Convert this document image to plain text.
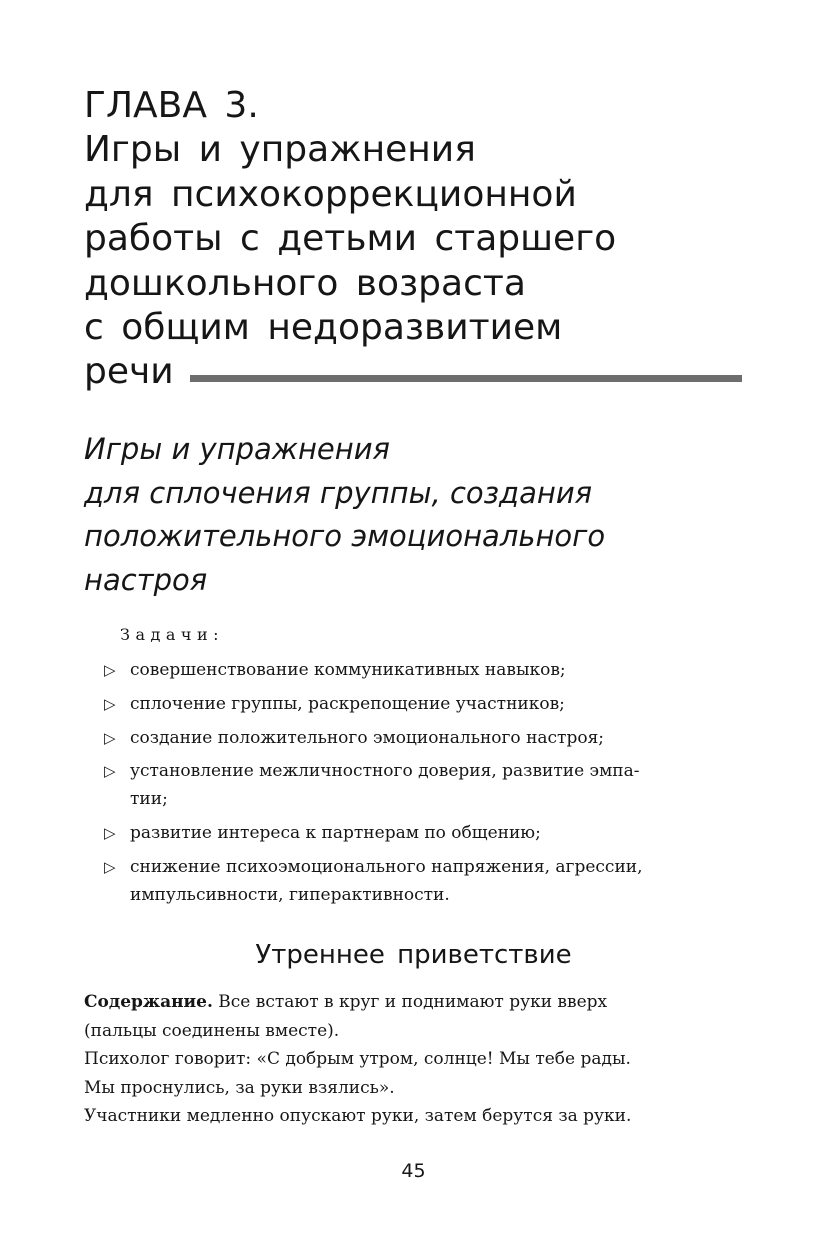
ГЛАВА 3.
Игры и упражнения
для психокоррекционной
работы с детьми старшего
дошкольного возраста
с общим недоразвитием
речи
Игры и упражнения
для сплочения группы, создания
положительного эмоционального
настроя
Задачи:
▷ совершенствование коммуникативных навыков;
▷ сплочение группы, раскрепощение участников;
▷ создание положительного эмоционального настроя;
▷ установление межличностного доверия, развитие эмпа-
тии;
▷ развитие интереса к партнерам по общению;
▷ снижение психоэмоционального напряжения, агрессии,
импульсивности, гиперактивности.
Утреннее приветствие

Содержание. Все встают в круг и поднимают руки вверх
(пальцы соединены вместе).

Психолог говорит: «С добрым утром, солнце! Мы тебе рады.
Мы проснулись, за руки взялись».

Участники медленно опускают руки, затем берутся за руки.

45
